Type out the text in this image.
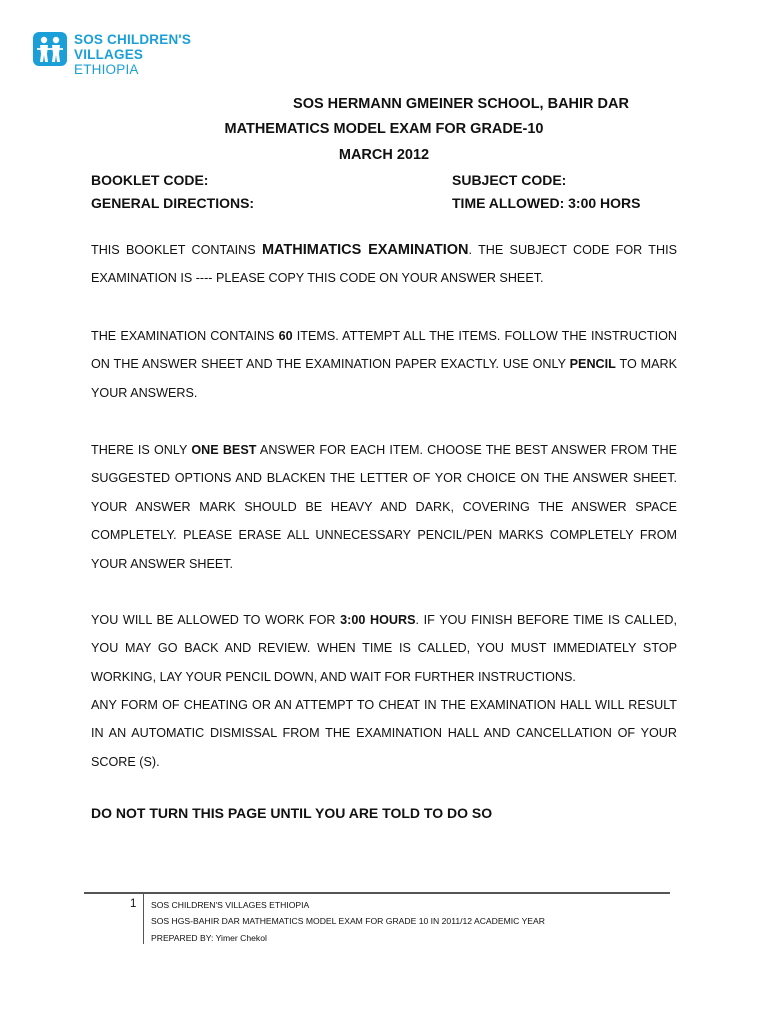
SOS CHILDREN'S
VILLAGES
ETHIOPIA
SOS HERMANN GMEINER SCHOOL, BAHIR DAR
MATHEMATICS MODEL EXAM FOR GRADE-10
MARCH 2012
BOOKLET CODE:	SUBJECT CODE:
GENERAL DIRECTIONS:	TIME ALLOWED: 3:00 HORS

THIS BOOKLET CONTAINS MATHIMATICS EXAMINATION. THE SUBJECT CODE FOR THIS EXAMINATION IS ---- PLEASE COPY THIS CODE ON YOUR ANSWER SHEET.

THE EXAMINATION CONTAINS 60 ITEMS. ATTEMPT ALL THE ITEMS. FOLLOW THE INSTRUCTION ON THE ANSWER SHEET AND THE EXAMINATION PAPER EXACTLY. USE ONLY PENCIL TO MARK YOUR ANSWERS.

THERE IS ONLY ONE BEST ANSWER FOR EACH ITEM. CHOOSE THE BEST ANSWER FROM THE SUGGESTED OPTIONS AND BLACKEN THE LETTER OF YOR CHOICE ON THE ANSWER SHEET. YOUR ANSWER MARK SHOULD BE HEAVY AND DARK, COVERING THE ANSWER SPACE COMPLETELY. PLEASE ERASE ALL UNNECESSARY PENCIL/PEN MARKS COMPLETELY FROM YOUR ANSWER SHEET.

YOU WILL BE ALLOWED TO WORK FOR 3:00 HOURS. IF YOU FINISH BEFORE TIME IS CALLED, YOU MAY GO BACK AND REVIEW. WHEN TIME IS CALLED, YOU MUST IMMEDIATELY STOP WORKING, LAY YOUR PENCIL DOWN, AND WAIT FOR FURTHER INSTRUCTIONS.

ANY FORM OF CHEATING OR AN ATTEMPT TO CHEAT IN THE EXAMINATION HALL WILL RESULT IN AN AUTOMATIC DISMISSAL FROM THE EXAMINATION HALL AND CANCELLATION OF YOUR SCORE (S).

DO NOT TURN THIS PAGE UNTIL YOU ARE TOLD TO DO SO
1 SOS CHILDREN'S VILLAGES ETHIOPIA
SOS HGS-BAHIR DAR MATHEMATICS MODEL EXAM FOR GRADE 10 IN 2011/12 ACADEMIC YEAR
PREPARED BY: Yimer Chekol
